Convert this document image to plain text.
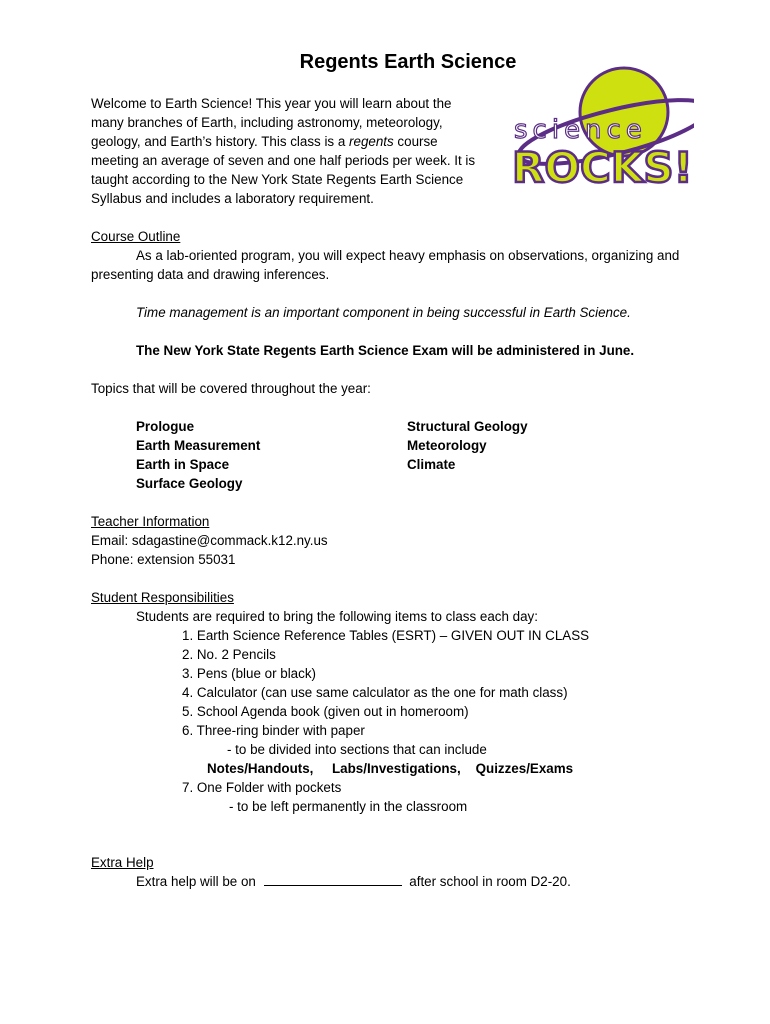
Regents Earth Science
Welcome to Earth Science! This year you will learn about the
many branches of Earth, including astronomy, meteorology,
geology, and Earth’s history. This class is a regents course
meeting an average of seven and one half periods per week. It is
taught according to the New York State Regents Earth Science
Syllabus and includes a laboratory requirement.
science
ROCKS!
Course Outline
As a lab-oriented program, you will expect heavy emphasis on observations, organizing and
presenting data and drawing inferences.
Time management is an important component in being successful in Earth Science.
The New York State Regents Earth Science Exam will be administered in June.
Topics that will be covered throughout the year:
Prologue
Earth Measurement
Earth in Space
Surface Geology
Structural Geology
Meteorology
Climate
Teacher Information
Email: sdagastine@commack.k12.ny.us
Phone: extension 55031
Student Responsibilities
Students are required to bring the following items to class each day:
1. Earth Science Reference Tables (ESRT) – GIVEN OUT IN CLASS
2. No. 2 Pencils
3. Pens (blue or black)
4. Calculator (can use same calculator as the one for math class)
5. School Agenda book (given out in homeroom)
6. Three-ring binder with paper
- to be divided into sections that can include
Notes/Handouts,     Labs/Investigations,    Quizzes/Exams
7. One Folder with pockets
- to be left permanently in the classroom
Extra Help
Extra help will be on	after school in room D2-20.
